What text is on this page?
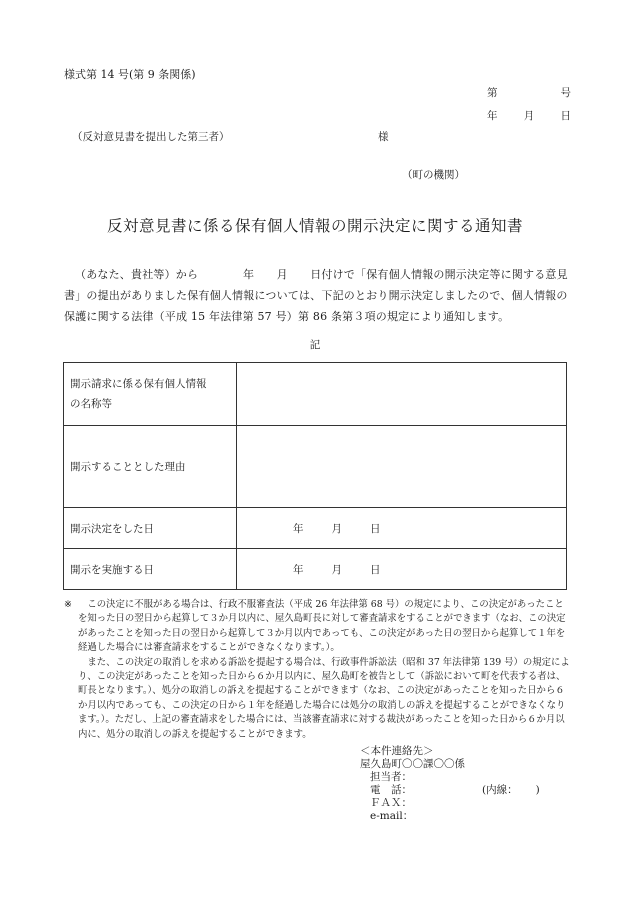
様式第 14 号(第 9 条関係)
第	号
年	月	日
（反対意見書を提出した第三者）	様
（町の機関）
反対意見書に係る保有個人情報の開示決定に関する通知書
（あなた、貴社等）から　　　　年　　月　　日付けで「保有個人情報の開示決定等に関する意見書」の提出がありました保有個人情報については、下記のとおり開示決定しましたので、個人情報の保護に関する法律（平成 15 年法律第 57 号）第 86 条第３項の規定により通知します。
記
開示請求に係る保有個人情報
の名称等	

開示することとした理由	
開示決定をした日	年 月 日
開示を実施する日	年 月 日
※	この決定に不服がある場合は、行政不服審査法（平成 26 年法律第 68 号）の規定により、この決定があったことを知った日の翌日から起算して３か月以内に、屋久島町長に対して審査請求をすることができます（なお、この決定があったことを知った日の翌日から起算して３か月以内であっても、この決定があった日の翌日から起算して１年を経過した場合には審査請求をすることができなくなります。）。

また、この決定の取消しを求める訴訟を提起する場合は、行政事件訴訟法（昭和 37 年法律第 139 号）の規定により、この決定があったことを知った日から６か月以内に、屋久島町を被告として（訴訟において町を代表する者は、町長となります。）、処分の取消しの訴えを提起することができます（なお、この決定があったことを知った日から６か月以内であっても、この決定の日から１年を経過した場合には処分の取消しの訴えを提起することができなくなります。）。ただし、上記の審査請求をした場合には、当該審査請求に対する裁決があったことを知った日から６か月以内に、処分の取消しの訴えを提起することができます。

＜本件連絡先＞
屋久島町〇〇課〇〇係
担当者：
電　話：	(内線： )
ＦＡＸ：
e-mail：
